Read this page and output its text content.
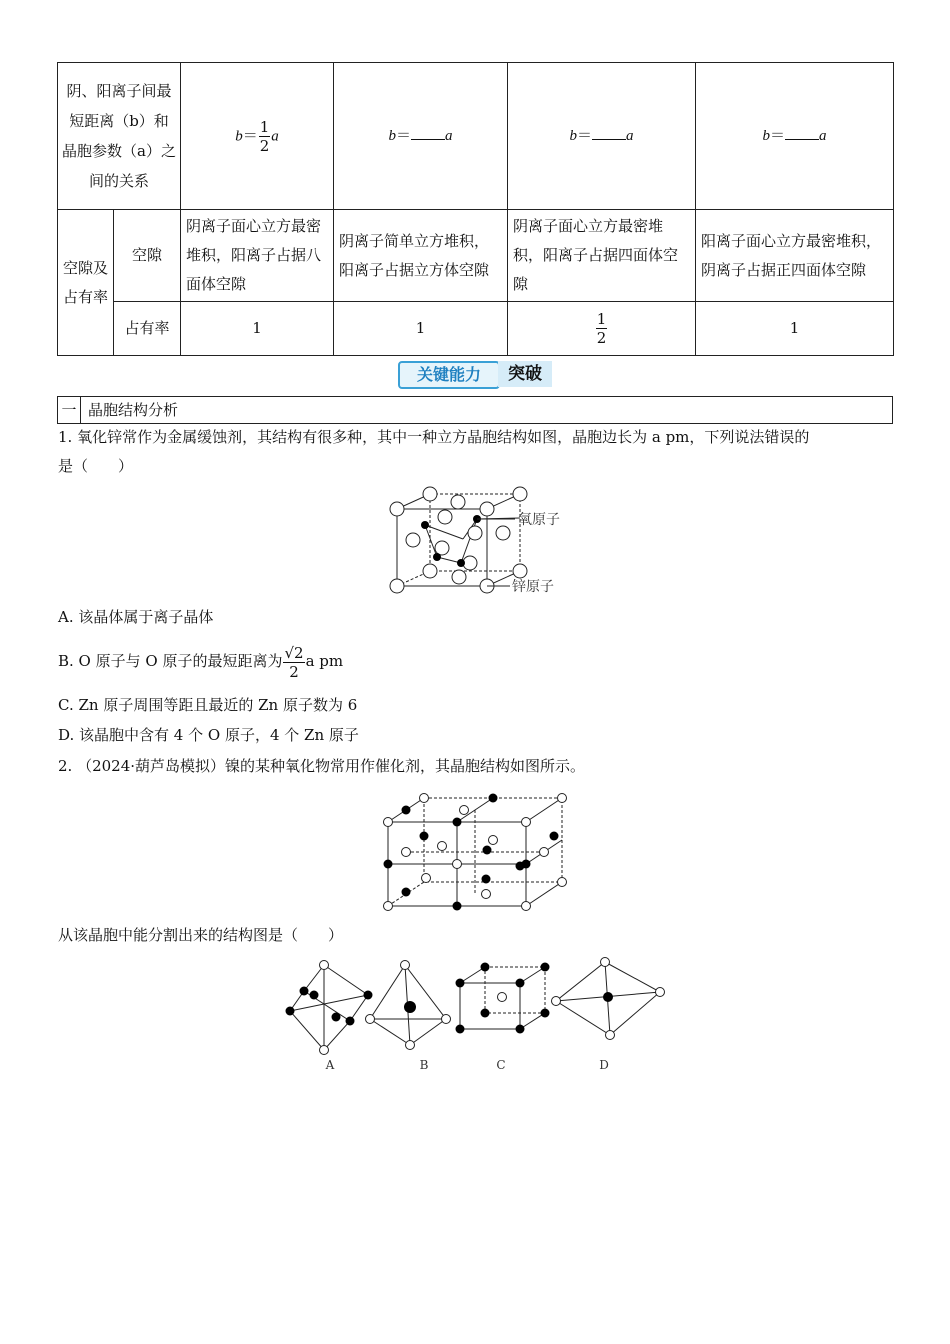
阴、阳离子间最短距离（b）和晶胞参数（a）之间的关系		$b= \frac{1}{2}$ a	b＝ a	b＝ a	b＝ a
空隙及占有率	空隙	阴离子面心立方最密堆积，阳离子占据八面体空隙	阴离子简单立方堆积，阳离子占据立方体空隙	阴离子面心立方最密堆积，阳离子占据四面体空隙	阳离子面心立方最密堆积，阴离子占据正四面体空隙
	占有率	1	1	$\frac{1}{2}$	1
关键能力	突破
一 晶胞结构分析
1. 氧化锌常作为金属缓蚀剂，其结构有很多种，其中一种立方晶胞结构如图，晶胞边长为 a pm，下列说法错误的
是（　　）
氧原子
锌原子
A. 该晶体属于离子晶体
B. O 原子与 O 原子的最短距离为 $\frac{√2}{2}$ a pm
C. Zn 原子周围等距且最近的 Zn 原子数为 6
D. 该晶胞中含有 4 个 O 原子，4 个 Zn 原子
2. （2024·葫芦岛模拟）镍的某种氧化物常用作催化剂，其晶胞结构如图所示。
从该晶胞中能分割出来的结构图是（　　）
A	B	C	D
